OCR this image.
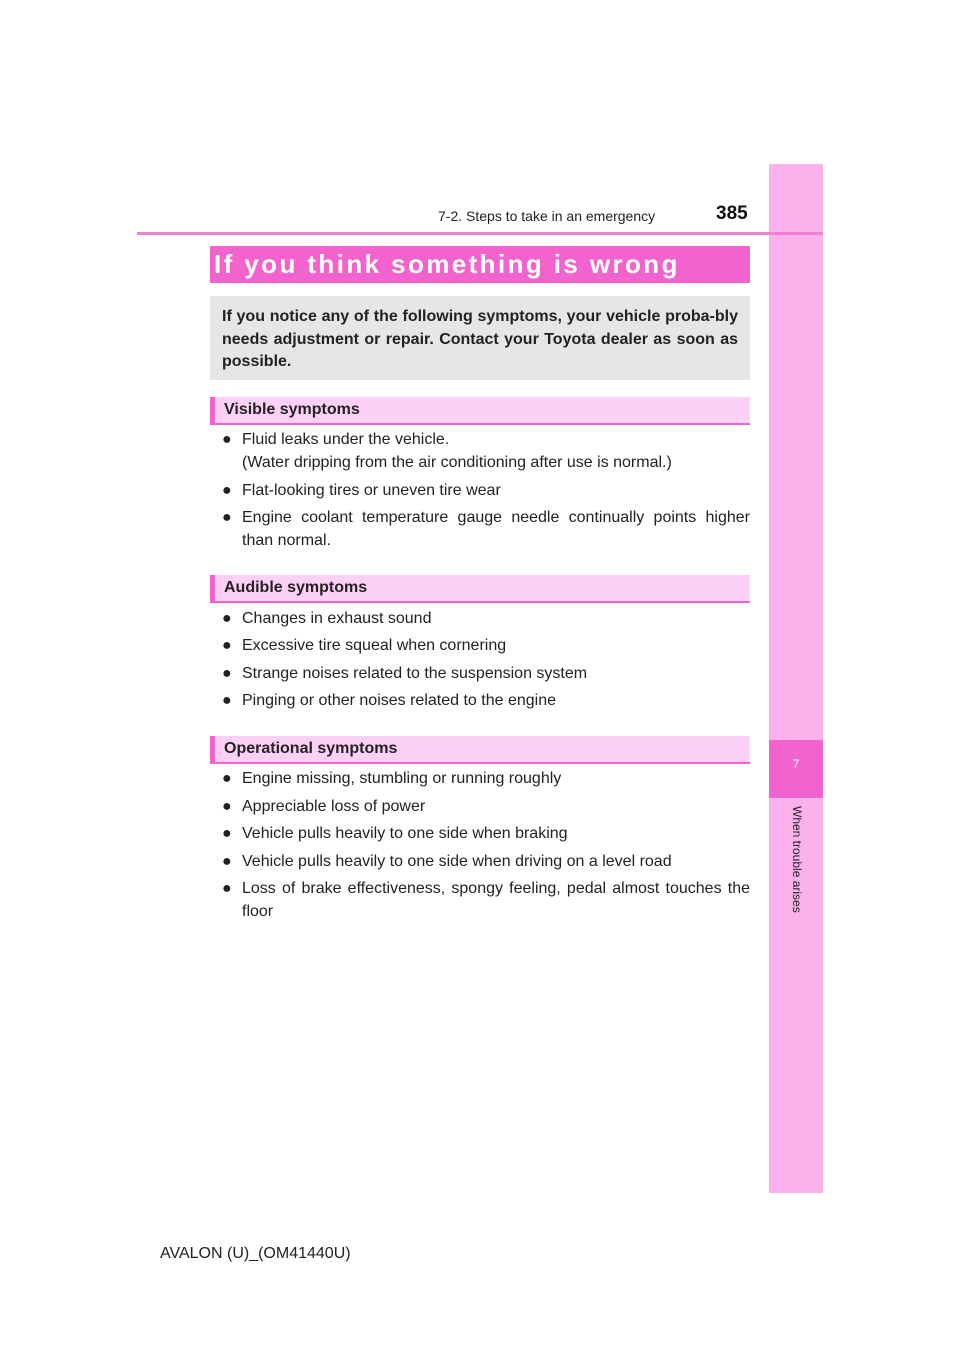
7
When trouble arises
7-2. Steps to take in an emergency	385
If you think something is wrong
If you notice any of the following symptoms, your vehicle proba-bly needs adjustment or repair. Contact your Toyota dealer as soon as possible.
Visible symptoms
● Fluid leaks under the vehicle.
(Water dripping from the air conditioning after use is normal.)
● Flat-looking tires or uneven tire wear
● Engine coolant temperature gauge needle continually points higher than normal.
Audible symptoms
● Changes in exhaust sound
● Excessive tire squeal when cornering
● Strange noises related to the suspension system
● Pinging or other noises related to the engine
Operational symptoms
● Engine missing, stumbling or running roughly
● Appreciable loss of power
● Vehicle pulls heavily to one side when braking
● Vehicle pulls heavily to one side when driving on a level road
● Loss of brake effectiveness, spongy feeling, pedal almost touches the floor
AVALON (U)_(OM41440U)
